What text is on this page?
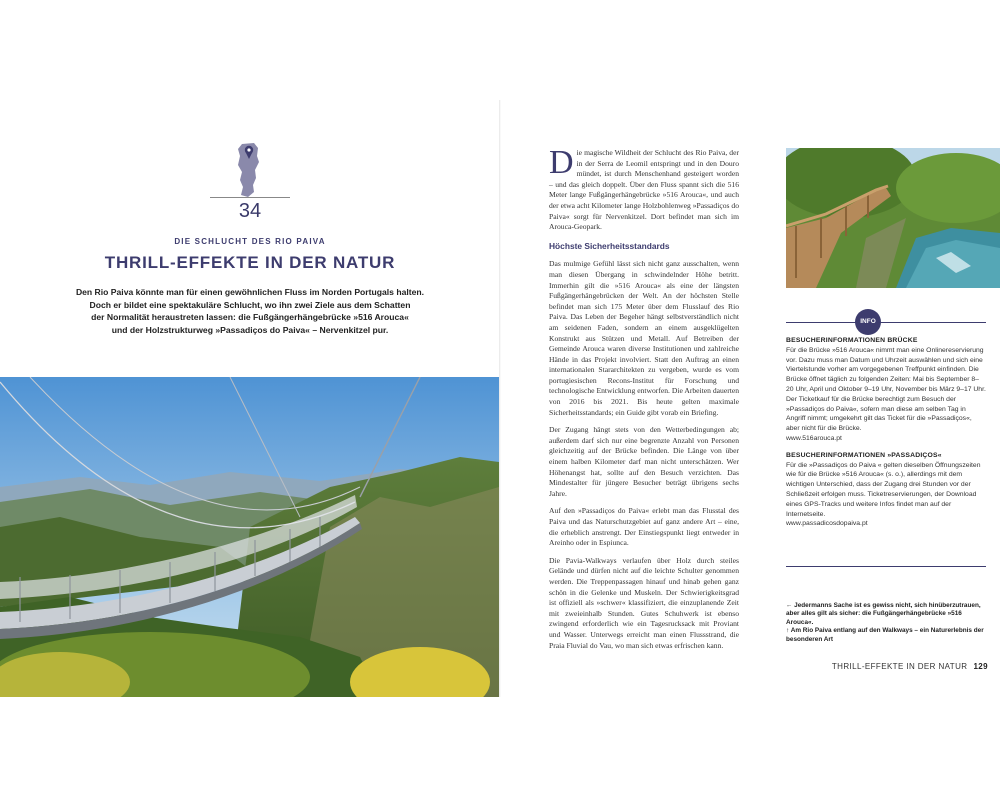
34
DIE SCHLUCHT DES RIO PAIVA
THRILL-EFFEKTE IN DER NATUR
Den Rio Paiva könnte man für einen gewöhnlichen Fluss im Norden Portugals halten.
Doch er bildet eine spektakuläre Schlucht, wo ihn zwei Ziele aus dem Schatten
der Normalität heraustreten lassen: die Fußgängerhängebrücke »516 Arouca«
und der Holzstrukturweg »Passadiços do Paiva« – Nervenkitzel pur.

Die magische Wildheit der Schlucht des Rio Paiva, der in der Serra de Leomil entspringt und in den Douro mündet, ist durch Menschenhand gesteigert worden – und das gleich doppelt. Über den Fluss spannt sich die 516 Meter lange Fußgängerhängebrücke »516 Arouca«, und auch der etwa acht Kilometer lange Holzbohlenweg »Passadiços do Paiva« sorgt für Nervenkitzel. Dort befindet man sich im Arouca-Geopark.

Höchste Sicherheitsstandards

Das mulmige Gefühl lässt sich nicht ganz ausschalten, wenn man diesen Übergang in schwindelnder Höhe betritt. Immerhin gilt die »516 Arouca« als eine der längsten Fußgängerhängebrücken der Welt. An der höchsten Stelle befindet man sich 175 Meter über dem Flusslauf des Rio Paiva. Das Leben der Begeher hängt selbstverständlich nicht am seidenen Faden, sondern an einem ausgeklügelten Konstrukt aus Stützen und Metall. Auf Betreiben der Gemeinde Arouca waren diverse Institutionen und zahlreiche Hände in das Projekt involviert. Statt den Auftrag an einen internationalen Stararchitekten zu vergeben, wurde es vom portugiesischen Recons-Institut für Forschung und technologische Entwicklung entworfen. Die Arbeiten dauerten von 2016 bis 2021. Bis heute gelten maximale Sicherheitsstandards; ein Guide gibt vorab ein Briefing.

Der Zugang hängt stets von den Wetterbedingungen ab; außerdem darf sich nur eine begrenzte Anzahl von Personen gleichzeitig auf der Brücke befinden. Die Länge von über einem halben Kilometer darf man nicht unterschätzen. Wer Höhenangst hat, sollte auf den Besuch verzichten. Das Mindestalter für jüngere Besucher beträgt übrigens sechs Jahre.

Auf den »Passadiços do Paiva« erlebt man das Flusstal des Paiva und das Naturschutzgebiet auf ganz andere Art – eine, die erheblich anstrengt. Der Einstiegspunkt liegt entweder in Areinho oder in Espiunca.

Die Pavia-Walkways verlaufen über Holz durch steiles Gelände und dürfen nicht auf die leichte Schulter genommen werden. Die Treppenpassagen hinauf und hinab gehen ganz schön in die Gelenke und Muskeln. Der Schwierigkeitsgrad ist offiziell als »schwer« klassifiziert, die einzuplanende Zeit mit zweieinhalb Stunden. Gutes Schuhwerk ist ebenso zwingend erforderlich wie ein Tagesrucksack mit Proviant und Wasser. Unterwegs erreicht man einen Flussstrand, die Praia Fluvial do Vau, wo man sich etwas erfrischen kann.

INFO
BESUCHERINFORMATIONEN BRÜCKE

Für die Brücke »516 Arouca« nimmt man eine Onlinereservierung vor. Dazu muss man Datum und Uhrzeit auswählen und sich eine Viertelstunde vorher am vorgegebenen Treffpunkt einfinden. Die Brücke öffnet täglich zu folgenden Zeiten: Mai bis September 8–20 Uhr, April und Oktober 9–19 Uhr, November bis März 9–17 Uhr. Der Ticketkauf für die Brücke berechtigt zum Besuch der »Passadiços do Paiva«, sofern man diese am selben Tag in Angriff nimmt; umgekehrt gilt das Ticket für die »Passadiços«, aber nicht für die Brücke.
www.516arouca.pt

BESUCHERINFORMATIONEN »PASSADIÇOS«

Für die »Passadiços do Paiva « gelten dieselben Öffnungszeiten wie für die Brücke »516 Arouca« (s. o.), allerdings mit dem wichtigen Unterschied, dass der Zugang drei Stunden vor der Schließzeit erfolgen muss. Ticketreservierungen, der Download eines GPS-Tracks und weitere Infos findet man auf der Internetseite.
www.passadicosdopaiva.pt

← Jedermanns Sache ist es gewiss nicht, sich hinüberzutrauen, aber alles gilt als sicher: die Fußgängerhängebrücke »516 Arouca«.
↑ Am Rio Paiva entlang auf den Walkways – ein Naturerlebnis der besonderen Art
THRILL-EFFEKTE IN DER NATUR 129
